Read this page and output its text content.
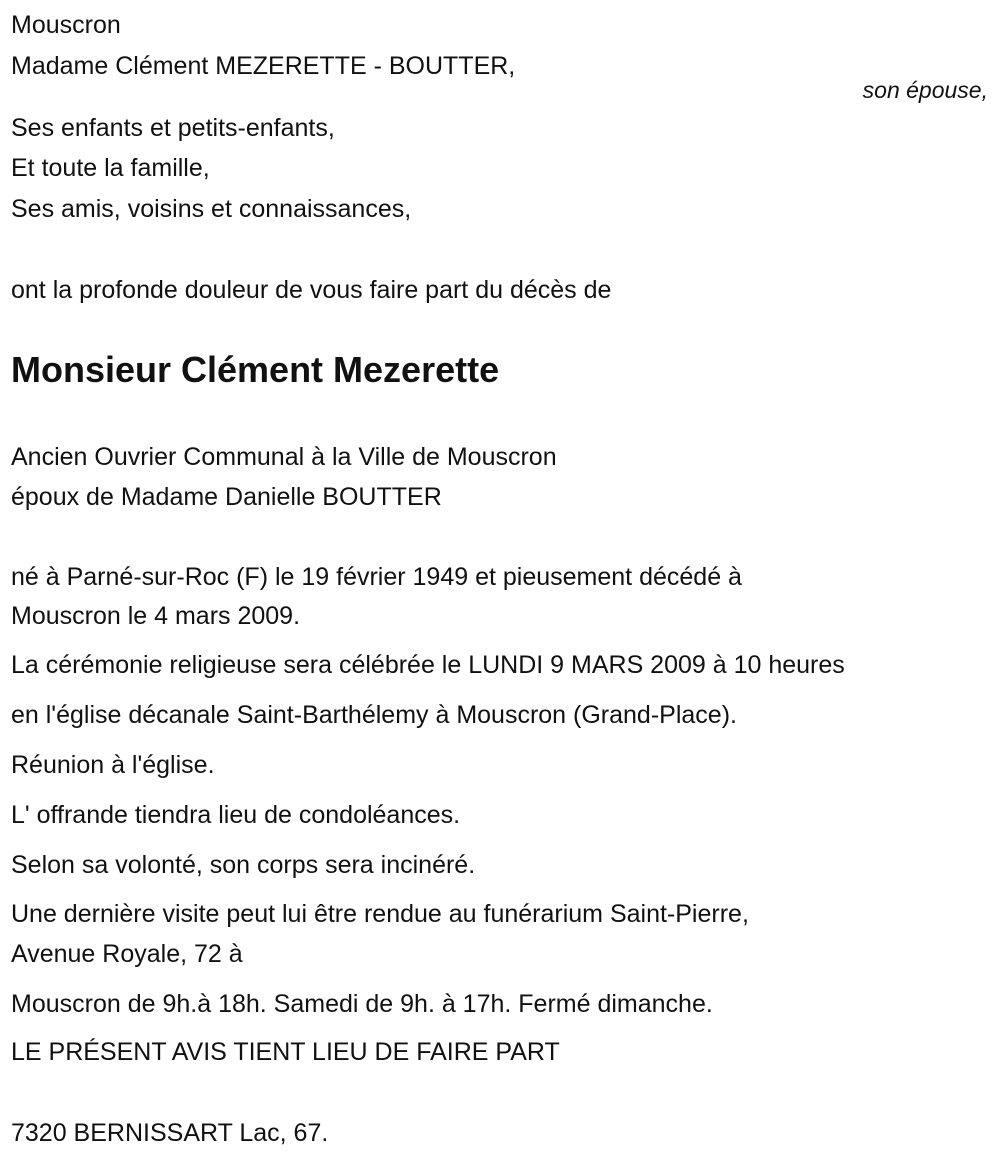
Mouscron
Madame Clément MEZERETTE - BOUTTER,
son épouse,
Ses enfants et petits-enfants,
Et toute la famille,
Ses amis, voisins et connaissances,
ont la profonde douleur de vous faire part du décès de
Monsieur Clément Mezerette
Ancien Ouvrier Communal à la Ville de Mouscron
époux de Madame Danielle BOUTTER
né à Parné-sur-Roc (F) le 19 février 1949 et pieusement décédé à
Mouscron le 4 mars 2009.
La cérémonie religieuse sera célébrée le LUNDI 9 MARS 2009 à 10 heures
en l'église décanale Saint-Barthélemy à Mouscron (Grand-Place).
Réunion à l'église.
L' offrande tiendra lieu de condoléances.
Selon sa volonté, son corps sera incinéré.
Une dernière visite peut lui être rendue au funérarium Saint-Pierre,
Avenue Royale, 72 à
Mouscron de 9h.à 18h. Samedi de 9h. à 17h. Fermé dimanche.
LE PRÉSENT AVIS TIENT LIEU DE FAIRE PART
7320 BERNISSART Lac, 67.
